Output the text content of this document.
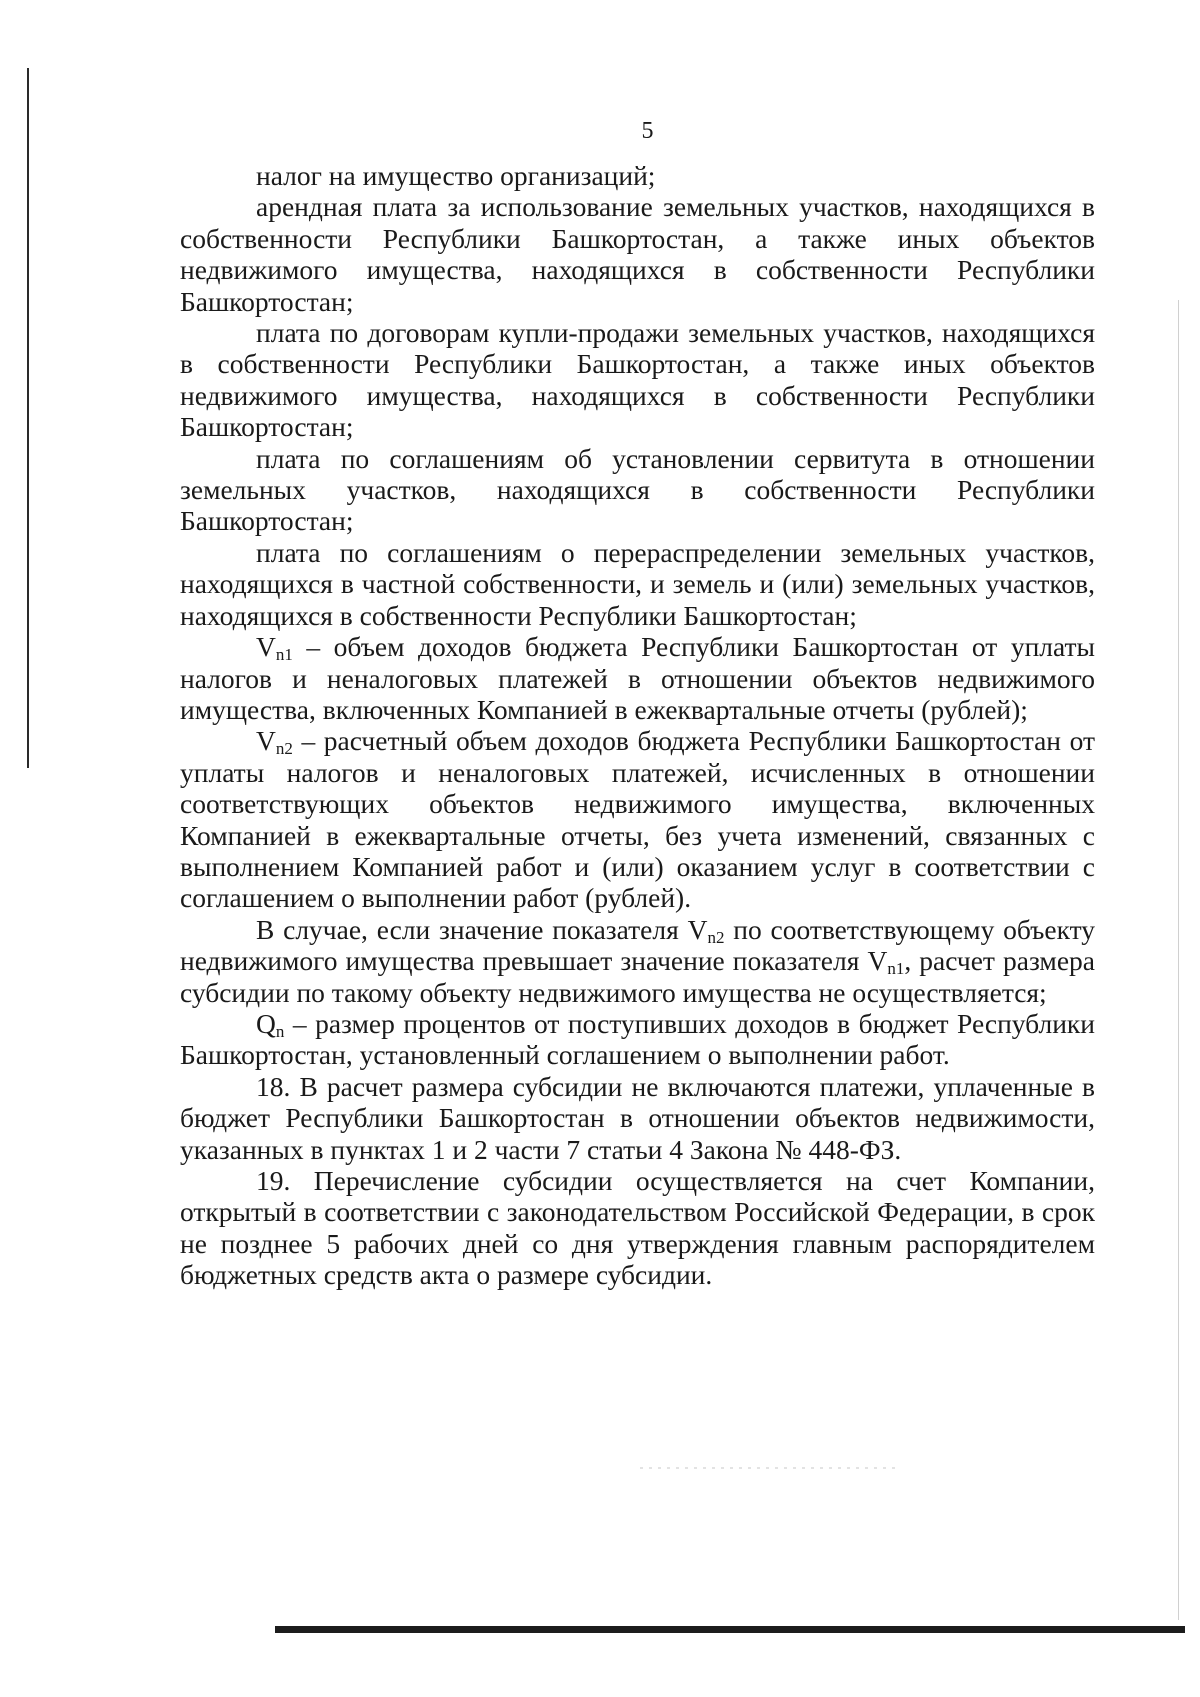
5

налог на имущество организаций;

арендная плата за использование земельных участков, находящихся в собственности Республики Башкортостан, а также иных объектов недвижимого имущества, находящихся в собственности Республики Башкортостан;

плата по договорам купли-продажи земельных участков, находящихся в собственности Республики Башкортостан, а также иных объектов недвижимого имущества, находящихся в собственности Республики Башкортостан;

плата по соглашениям об установлении сервитута в отношении земельных участков, находящихся в собственности Республики Башкортостан;

плата по соглашениям о перераспределении земельных участков, находящихся в частной собственности, и земель и (или) земельных участков, находящихся в собственности Республики Башкортостан;

$V_{n1}$ – объем доходов бюджета Республики Башкортостан от уплаты налогов и неналоговых платежей в отношении объектов недвижимого имущества, включенных Компанией в ежеквартальные отчеты (рублей);

$V_{n2}$ – расчетный объем доходов бюджета Республики Башкортостан от уплаты налогов и неналоговых платежей, исчисленных в отношении соответствующих объектов недвижимого имущества, включенных Компанией в ежеквартальные отчеты, без учета изменений, связанных с выполнением Компанией работ и (или) оказанием услуг в соответствии с соглашением о выполнении работ (рублей).

В случае, если значение показателя $V_{n2}$ по соответствующему объекту недвижимого имущества превышает значение показателя $V_{n1}$, расчет размера субсидии по такому объекту недвижимого имущества не осуществляется;

$Q_n$ – размер процентов от поступивших доходов в бюджет Республики Башкортостан, установленный соглашением о выполнении работ.

18. В расчет размера субсидии не включаются платежи, уплаченные в бюджет Республики Башкортостан в отношении объектов недвижимости, указанных в пунктах 1 и 2 части 7 статьи 4 Закона № 448-ФЗ.

19. Перечисление субсидии осуществляется на счет Компании, открытый в соответствии с законодательством Российской Федерации, в срок не позднее 5 рабочих дней со дня утверждения главным распорядителем бюджетных средств акта о размере субсидии.
